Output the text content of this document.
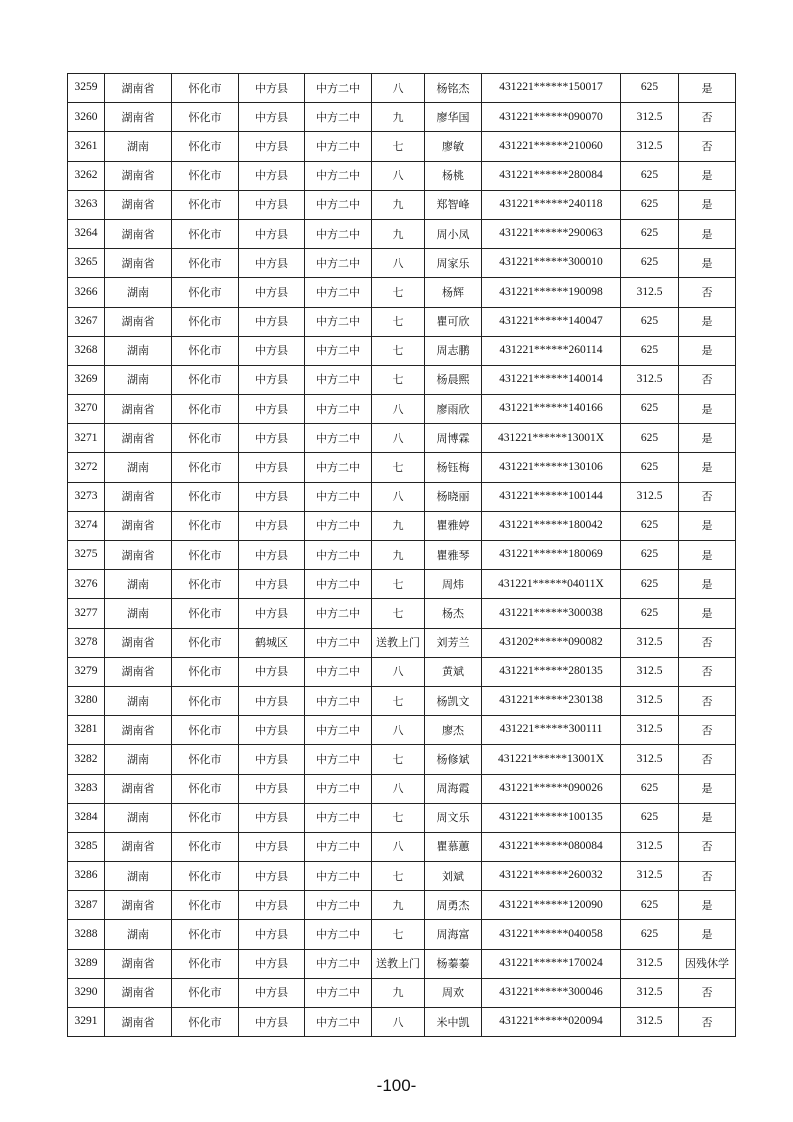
3259	湖南省	怀化市	中方县	中方二中	八	杨铭杰	431221******150017	625	是
3260	湖南省	怀化市	中方县	中方二中	九	廖华国	431221******090070	312.5	否
3261	湖南	怀化市	中方县	中方二中	七	廖敏	431221******210060	312.5	否
3262	湖南省	怀化市	中方县	中方二中	八	杨桃	431221******280084	625	是
3263	湖南省	怀化市	中方县	中方二中	九	郑智峰	431221******240118	625	是
3264	湖南省	怀化市	中方县	中方二中	九	周小凤	431221******290063	625	是
3265	湖南省	怀化市	中方县	中方二中	八	周家乐	431221******300010	625	是
3266	湖南	怀化市	中方县	中方二中	七	杨辉	431221******190098	312.5	否
3267	湖南省	怀化市	中方县	中方二中	七	瞿可欣	431221******140047	625	是
3268	湖南	怀化市	中方县	中方二中	七	周志鹏	431221******260114	625	是
3269	湖南	怀化市	中方县	中方二中	七	杨晨熙	431221******140014	312.5	否
3270	湖南省	怀化市	中方县	中方二中	八	廖雨欣	431221******140166	625	是
3271	湖南省	怀化市	中方县	中方二中	八	周博霖	431221******13001X	625	是
3272	湖南	怀化市	中方县	中方二中	七	杨钰梅	431221******130106	625	是
3273	湖南省	怀化市	中方县	中方二中	八	杨晓丽	431221******100144	312.5	否
3274	湖南省	怀化市	中方县	中方二中	九	瞿雅婷	431221******180042	625	是
3275	湖南省	怀化市	中方县	中方二中	九	瞿雅琴	431221******180069	625	是
3276	湖南	怀化市	中方县	中方二中	七	周炜	431221******04011X	625	是
3277	湖南	怀化市	中方县	中方二中	七	杨杰	431221******300038	625	是
3278	湖南省	怀化市	鹤城区	中方二中	送教上门	刘芳兰	431202******090082	312.5	否
3279	湖南省	怀化市	中方县	中方二中	八	黄斌	431221******280135	312.5	否
3280	湖南	怀化市	中方县	中方二中	七	杨凯文	431221******230138	312.5	否
3281	湖南省	怀化市	中方县	中方二中	八	廖杰	431221******300111	312.5	否
3282	湖南	怀化市	中方县	中方二中	七	杨修斌	431221******13001X	312.5	否
3283	湖南省	怀化市	中方县	中方二中	八	周海霞	431221******090026	625	是
3284	湖南	怀化市	中方县	中方二中	七	周文乐	431221******100135	625	是
3285	湖南省	怀化市	中方县	中方二中	八	瞿慕蕙	431221******080084	312.5	否
3286	湖南	怀化市	中方县	中方二中	七	刘斌	431221******260032	312.5	否
3287	湖南省	怀化市	中方县	中方二中	九	周勇杰	431221******120090	625	是
3288	湖南	怀化市	中方县	中方二中	七	周海富	431221******040058	625	是
3289	湖南省	怀化市	中方县	中方二中	送教上门	杨蓁蓁	431221******170024	312.5	因残休学
3290	湖南省	怀化市	中方县	中方二中	九	周欢	431221******300046	312.5	否
3291	湖南省	怀化市	中方县	中方二中	八	米中凯	431221******020094	312.5	否
-100-
